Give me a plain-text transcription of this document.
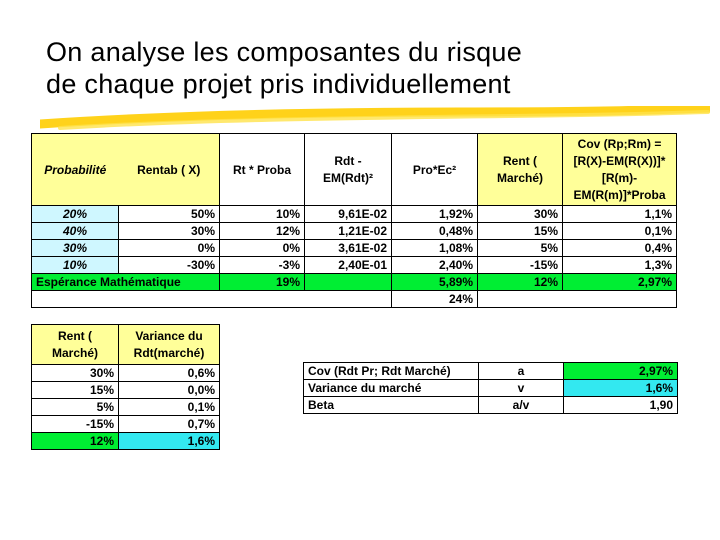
On analyse les composantes du risque
de chaque projet pris individuellement
Probabilité	Rentab ( X)	Rt * Proba	Rdt - EM(Rdt)²	Pro*Ec²	Rent ( Marché)	Cov (Rp;Rm) = [R(X)-EM(R(X))]*[R(m)-EM(R(m)]*Proba
20%	50%	10%	9,61E-02	1,92%	30%	1,1%
40%	30%	12%	1,21E-02	0,48%	15%	0,1%
30%	0%	0%	3,61E-02	1,08%	5%	0,4%
10%	-30%	-3%	2,40E-01	2,40%	-15%	1,3%
Espérance Mathématique		19%		5,89%	12%	2,97%
				24%		
Rent ( Marché)	Variance du Rdt(marché)
30%	0,6%
15%	0,0%
5%	0,1%
-15%	0,7%
12%	1,6%
Cov (Rdt Pr; Rdt Marché)	a	2,97%
Variance du marché	v	1,6%
Beta	a/v	1,90
